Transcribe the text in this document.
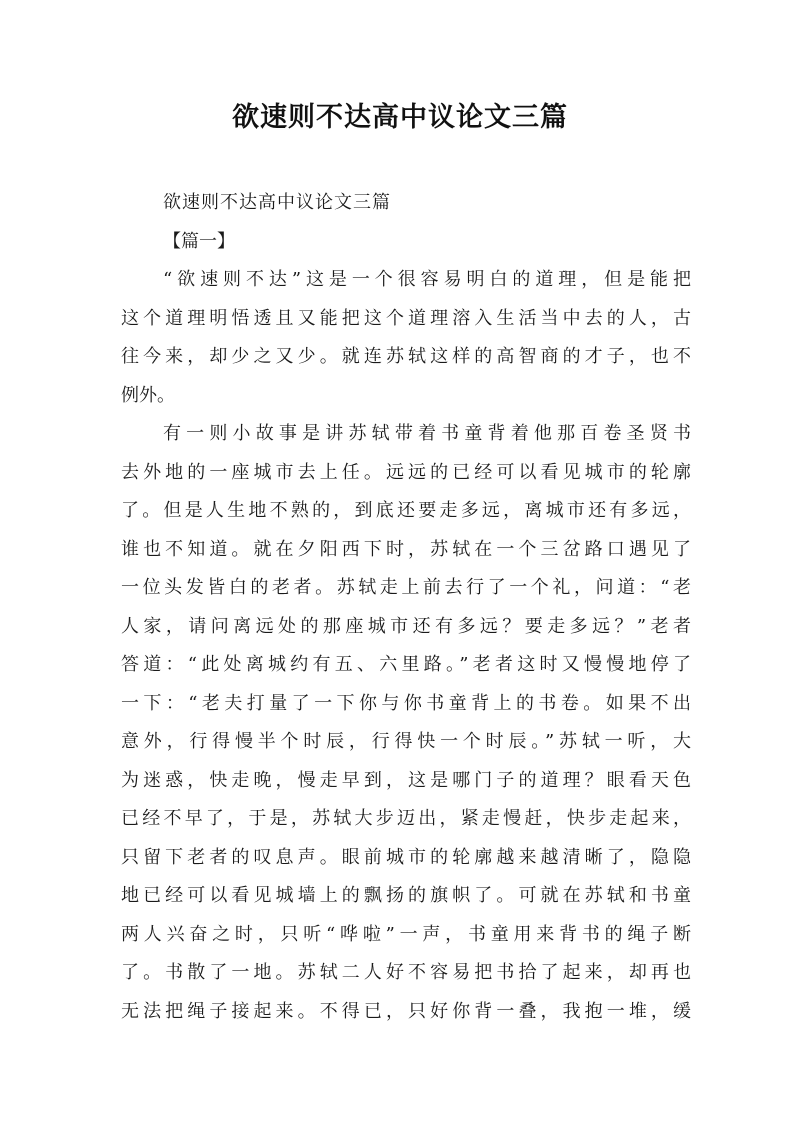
欲速则不达高中议论文三篇
欲速则不达高中议论文三篇
【篇一】
“欲速则不达”这是一个很容易明白的道理，但是能把
这个道理明悟透且又能把这个道理溶入生活当中去的人，古
往今来，却少之又少。就连苏轼这样的高智商的才子，也不
例外。
有一则小故事是讲苏轼带着书童背着他那百卷圣贤书
去外地的一座城市去上任。远远的已经可以看见城市的轮廓
了。但是人生地不熟的，到底还要走多远，离城市还有多远，
谁也不知道。就在夕阳西下时，苏轼在一个三岔路口遇见了
一位头发皆白的老者。苏轼走上前去行了一个礼，问道：“老
人家，请问离远处的那座城市还有多远？要走多远？”老者
答道：“此处离城约有五、六里路。”老者这时又慢慢地停了
一下：“老夫打量了一下你与你书童背上的书卷。如果不出
意外，行得慢半个时辰，行得快一个时辰。”苏轼一听，大
为迷惑，快走晚，慢走早到，这是哪门子的道理？眼看天色
已经不早了，于是，苏轼大步迈出，紧走慢赶，快步走起来，
只留下老者的叹息声。眼前城市的轮廓越来越清晰了，隐隐
地已经可以看见城墙上的飘扬的旗帜了。可就在苏轼和书童
两人兴奋之时，只听“哗啦”一声，书童用来背书的绳子断
了。书散了一地。苏轼二人好不容易把书拾了起来，却再也
无法把绳子接起来。不得已，只好你背一叠，我抱一堆，缓
